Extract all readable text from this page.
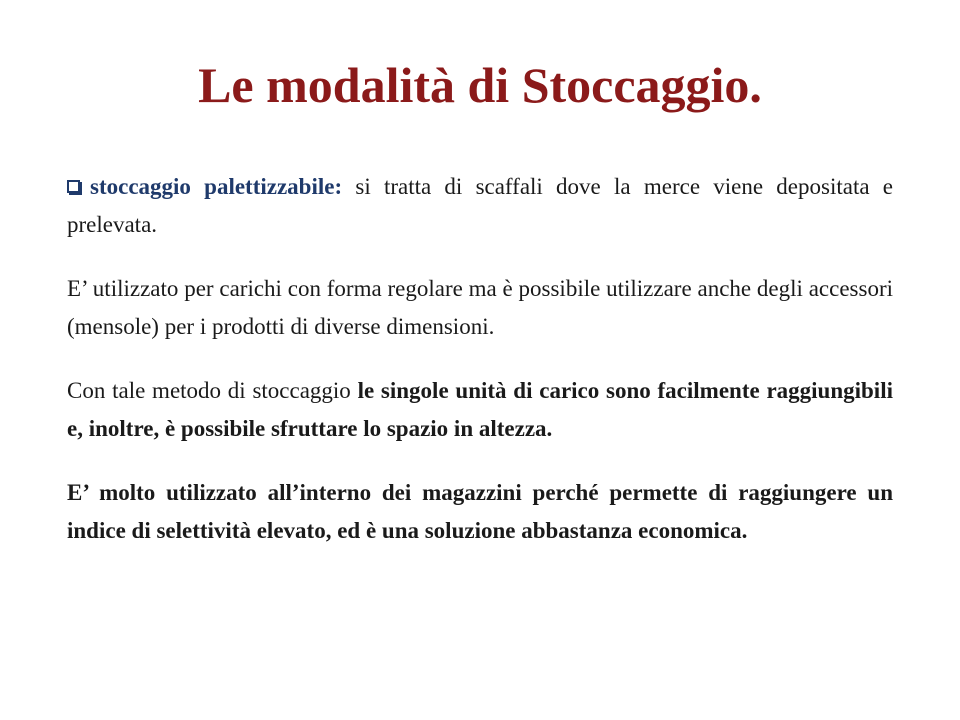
Le modalità di Stoccaggio.

stoccaggio palettizzabile: si tratta di scaffali dove la merce viene depositata e prelevata.

E’ utilizzato per carichi con forma regolare ma è possibile utilizzare anche degli accessori (mensole) per i prodotti di diverse dimensioni.

Con tale metodo di stoccaggio le singole unità di carico sono facilmente raggiungibili e, inoltre, è possibile sfruttare lo spazio in altezza.

E’ molto utilizzato all’interno dei magazzini perché permette di raggiungere un indice di selettività elevato, ed è una soluzione abbastanza economica.
